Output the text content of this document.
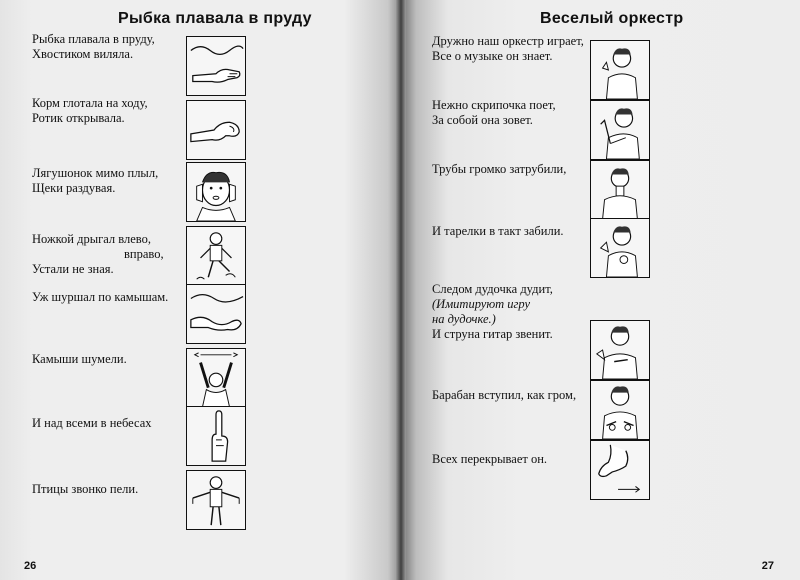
Рыбка плавала в пруду
Рыбка плавала в пруду,
Хвостиком виляла.
Корм глотала на ходу,
Ротик открывала.
Лягушонок мимо плыл,
Щеки раздувая.
Ножкой дрыгал влево,
вправо,
Устали не зная.
Уж шуршал по камышам.
Камыши шумели.
И над всеми в небесах
Птицы звонко пели.
26
Веселый оркестр
Дружно наш оркестр играет,
Все о музыке он знает.
Нежно скрипочка поет,
За собой она зовет.
Трубы громко затрубили,
И тарелки в такт забили.
Следом дудочка дудит,
(Имитируют игру
на дудочке.)
И струна гитар звенит.
Барабан вступил, как гром,
Всех перекрывает он.
27
